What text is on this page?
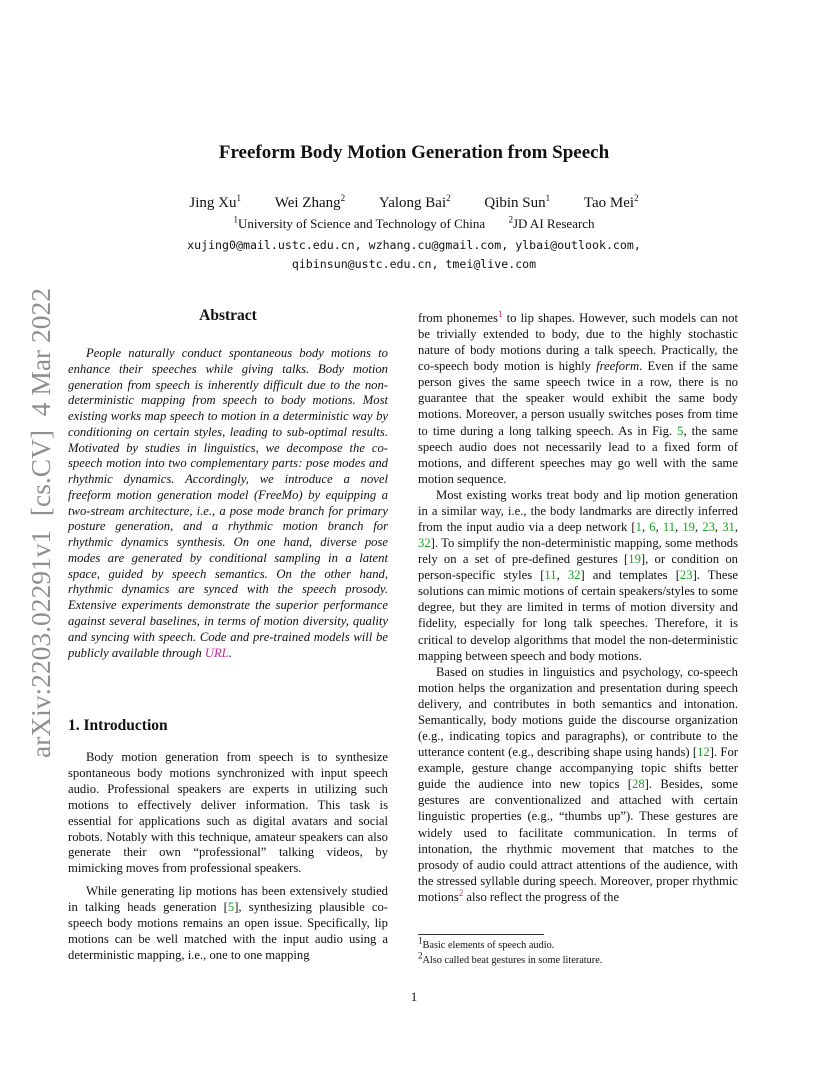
arXiv:2203.02291v1  [cs.CV]  4 Mar 2022
Freeform Body Motion Generation from Speech
Jing Xu$^1$ Wei Zhang$^2$ Yalong Bai$^2$ Qibin Sun$^1$ Tao Mei$^2$
$^1$University of Science and Technology of China	$^2$JD AI Research
xujing0@mail.ustc.edu.cn, wzhang.cu@gmail.com, ylbai@outlook.com,
qibinsun@ustc.edu.cn, tmei@live.com
Abstract

People naturally conduct spontaneous body motions to enhance their speeches while giving talks. Body motion generation from speech is inherently difficult due to the non-deterministic mapping from speech to body motions. Most existing works map speech to motion in a deterministic way by conditioning on certain styles, leading to sub-optimal results. Motivated by studies in linguistics, we decompose the co-speech motion into two complementary parts: pose modes and rhythmic dynamics. Accordingly, we introduce a novel freeform motion generation model (FreeMo) by equipping a two-stream architecture, i.e., a pose mode branch for primary posture generation, and a rhythmic motion branch for rhythmic dynamics synthesis. On one hand, diverse pose modes are generated by conditional sampling in a latent space, guided by speech semantics. On the other hand, rhythmic dynamics are synced with the speech prosody. Extensive experiments demonstrate the superior performance against several baselines, in terms of motion diversity, quality and syncing with speech. Code and pre-trained models will be publicly available through URL.

1. Introduction

Body motion generation from speech is to synthesize spontaneous body motions synchronized with input speech audio. Professional speakers are experts in utilizing such motions to effectively deliver information. This task is essential for applications such as digital avatars and social robots. Notably with this technique, amateur speakers can also generate their own “professional” talking videos, by mimicking moves from professional speakers.

While generating lip motions has been extensively studied in talking heads generation [5], synthesizing plausible co-speech body motions remains an open issue. Specifically, lip motions can be well matched with the input audio using a deterministic mapping, i.e., one to one mapping

from phonemes$^1$ to lip shapes. However, such models can not be trivially extended to body, due to the highly stochastic nature of body motions during a talk speech. Practically, the co-speech body motion is highly freeform. Even if the same person gives the same speech twice in a row, there is no guarantee that the speaker would exhibit the same body motions. Moreover, a person usually switches poses from time to time during a long talking speech. As in Fig. 5, the same speech audio does not necessarily lead to a fixed form of motions, and different speeches may go well with the same motion sequence.

Most existing works treat body and lip motion generation in a similar way, i.e., the body landmarks are directly inferred from the input audio via a deep network [1, 6, 11, 19, 23, 31, 32]. To simplify the non-deterministic mapping, some methods rely on a set of pre-defined gestures [19], or condition on person-specific styles [11, 32] and templates [23]. These solutions can mimic motions of certain speakers/styles to some degree, but they are limited in terms of motion diversity and fidelity, especially for long talk speeches. Therefore, it is critical to develop algorithms that model the non-deterministic mapping between speech and body motions.

Based on studies in linguistics and psychology, co-speech motion helps the organization and presentation during speech delivery, and contributes in both semantics and intonation. Semantically, body motions guide the discourse organization (e.g., indicating topics and paragraphs), or contribute to the utterance content (e.g., describing shape using hands) [12]. For example, gesture change accompanying topic shifts better guide the audience into new topics [28]. Besides, some gestures are conventionalized and attached with certain linguistic properties (e.g., “thumbs up”). These gestures are widely used to facilitate communication. In terms of intonation, the rhythmic movement that matches to the prosody of audio could attract attentions of the audience, with the stressed syllable during speech. Moreover, proper rhythmic motions$^2$ also reflect the progress of the

1Basic elements of speech audio.
2Also called beat gestures in some literature.
1
